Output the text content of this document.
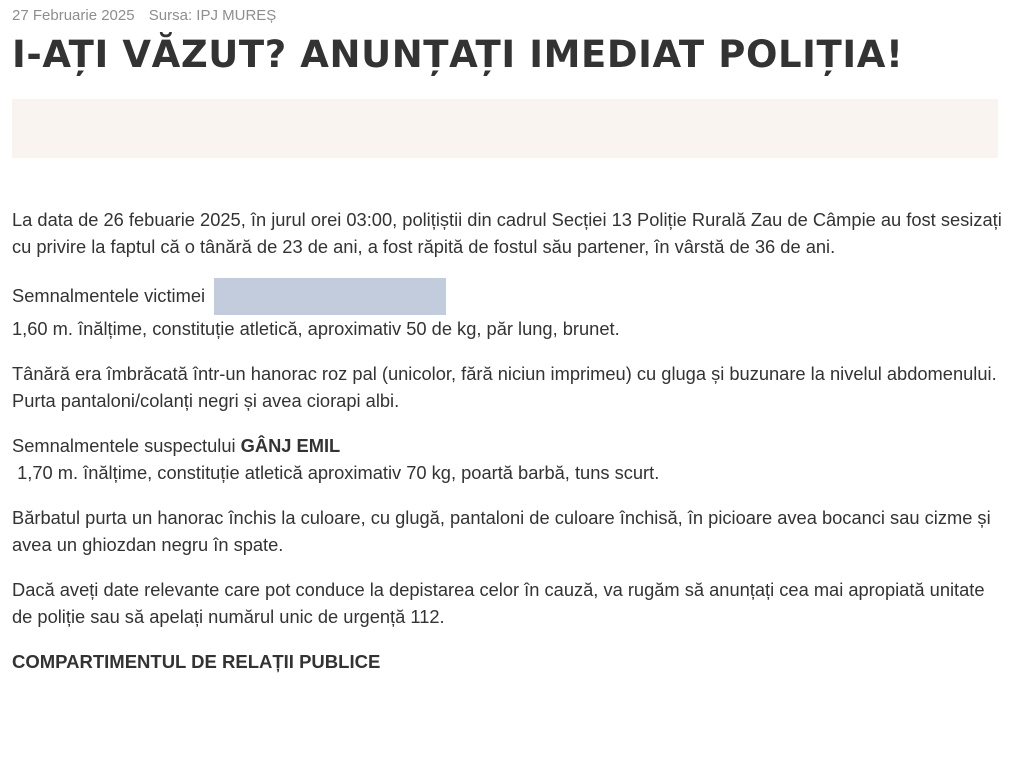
27 Februarie 2025 Sursa: IPJ MUREȘ
I-AȚI VĂZUT? ANUNȚAȚI IMEDIAT POLIȚIA!

La data de 26 febuarie 2025, în jurul orei 03:00, polițiștii din cadrul Secției 13 Poliție Rurală Zau de Câmpie au fost sesizați cu privire la faptul că o tânără de 23 de ani, a fost răpită de fostul său partener, în vârstă de 36 de ani.

Semnalmentele victimei
1,60 m. înălțime, constituție atletică, aproximativ 50 de kg, păr lung, brunet.

Tânără era îmbrăcată într-un hanorac roz pal (unicolor, fără niciun imprimeu) cu gluga și buzunare la nivelul abdomenului. Purta pantaloni/colanți negri și avea ciorapi albi.

Semnalmentele suspectului GÂNJ EMIL
1,70 m. înălțime, constituție atletică aproximativ 70 kg, poartă barbă, tuns scurt.

Bărbatul purta un hanorac închis la culoare, cu glugă, pantaloni de culoare închisă, în picioare avea bocanci sau cizme și avea un ghiozdan negru în spate.

Dacă aveți date relevante care pot conduce la depistarea celor în cauză, va rugăm să anunțați cea mai apropiată unitate de poliție sau să apelați numărul unic de urgență 112.

COMPARTIMENTUL DE RELAȚII PUBLICE
